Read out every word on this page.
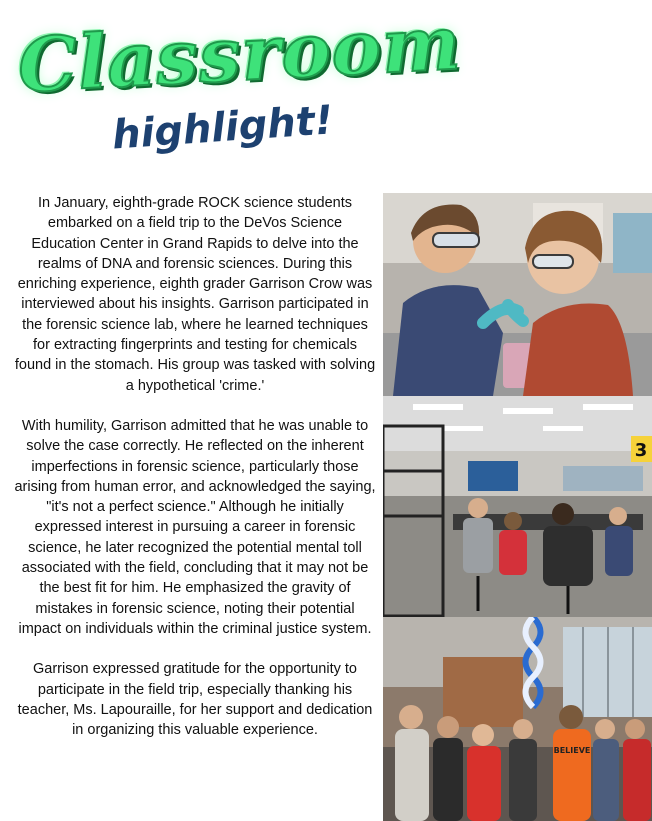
Classroom
highlight!

In January, eighth-grade ROCK science students embarked on a field trip to the DeVos Science Education Center in Grand Rapids to delve into the realms of DNA and forensic sciences. During this enriching experience, eighth grader Garrison Crow was interviewed about his insights. Garrison participated in the forensic science lab, where he learned techniques for extracting fingerprints and testing for chemicals found in the stomach. His group was tasked with solving a hypothetical 'crime.'

With humility, Garrison admitted that he was unable to solve the case correctly. He reflected on the inherent imperfections in forensic science, particularly those arising from human error, and acknowledged the saying, "it's not a perfect science." Although he initially expressed interest in pursuing a career in forensic science, he later recognized the potential mental toll associated with the field, concluding that it may not be the best fit for him. He emphasized the gravity of mistakes in forensic science, noting their potential impact on individuals within the criminal justice system.

Garrison expressed gratitude for the opportunity to participate in the field trip, especially thanking his teacher, Ms. Lapouraille, for her support and dedication in organizing this valuable experience.

3
BELIEVE
